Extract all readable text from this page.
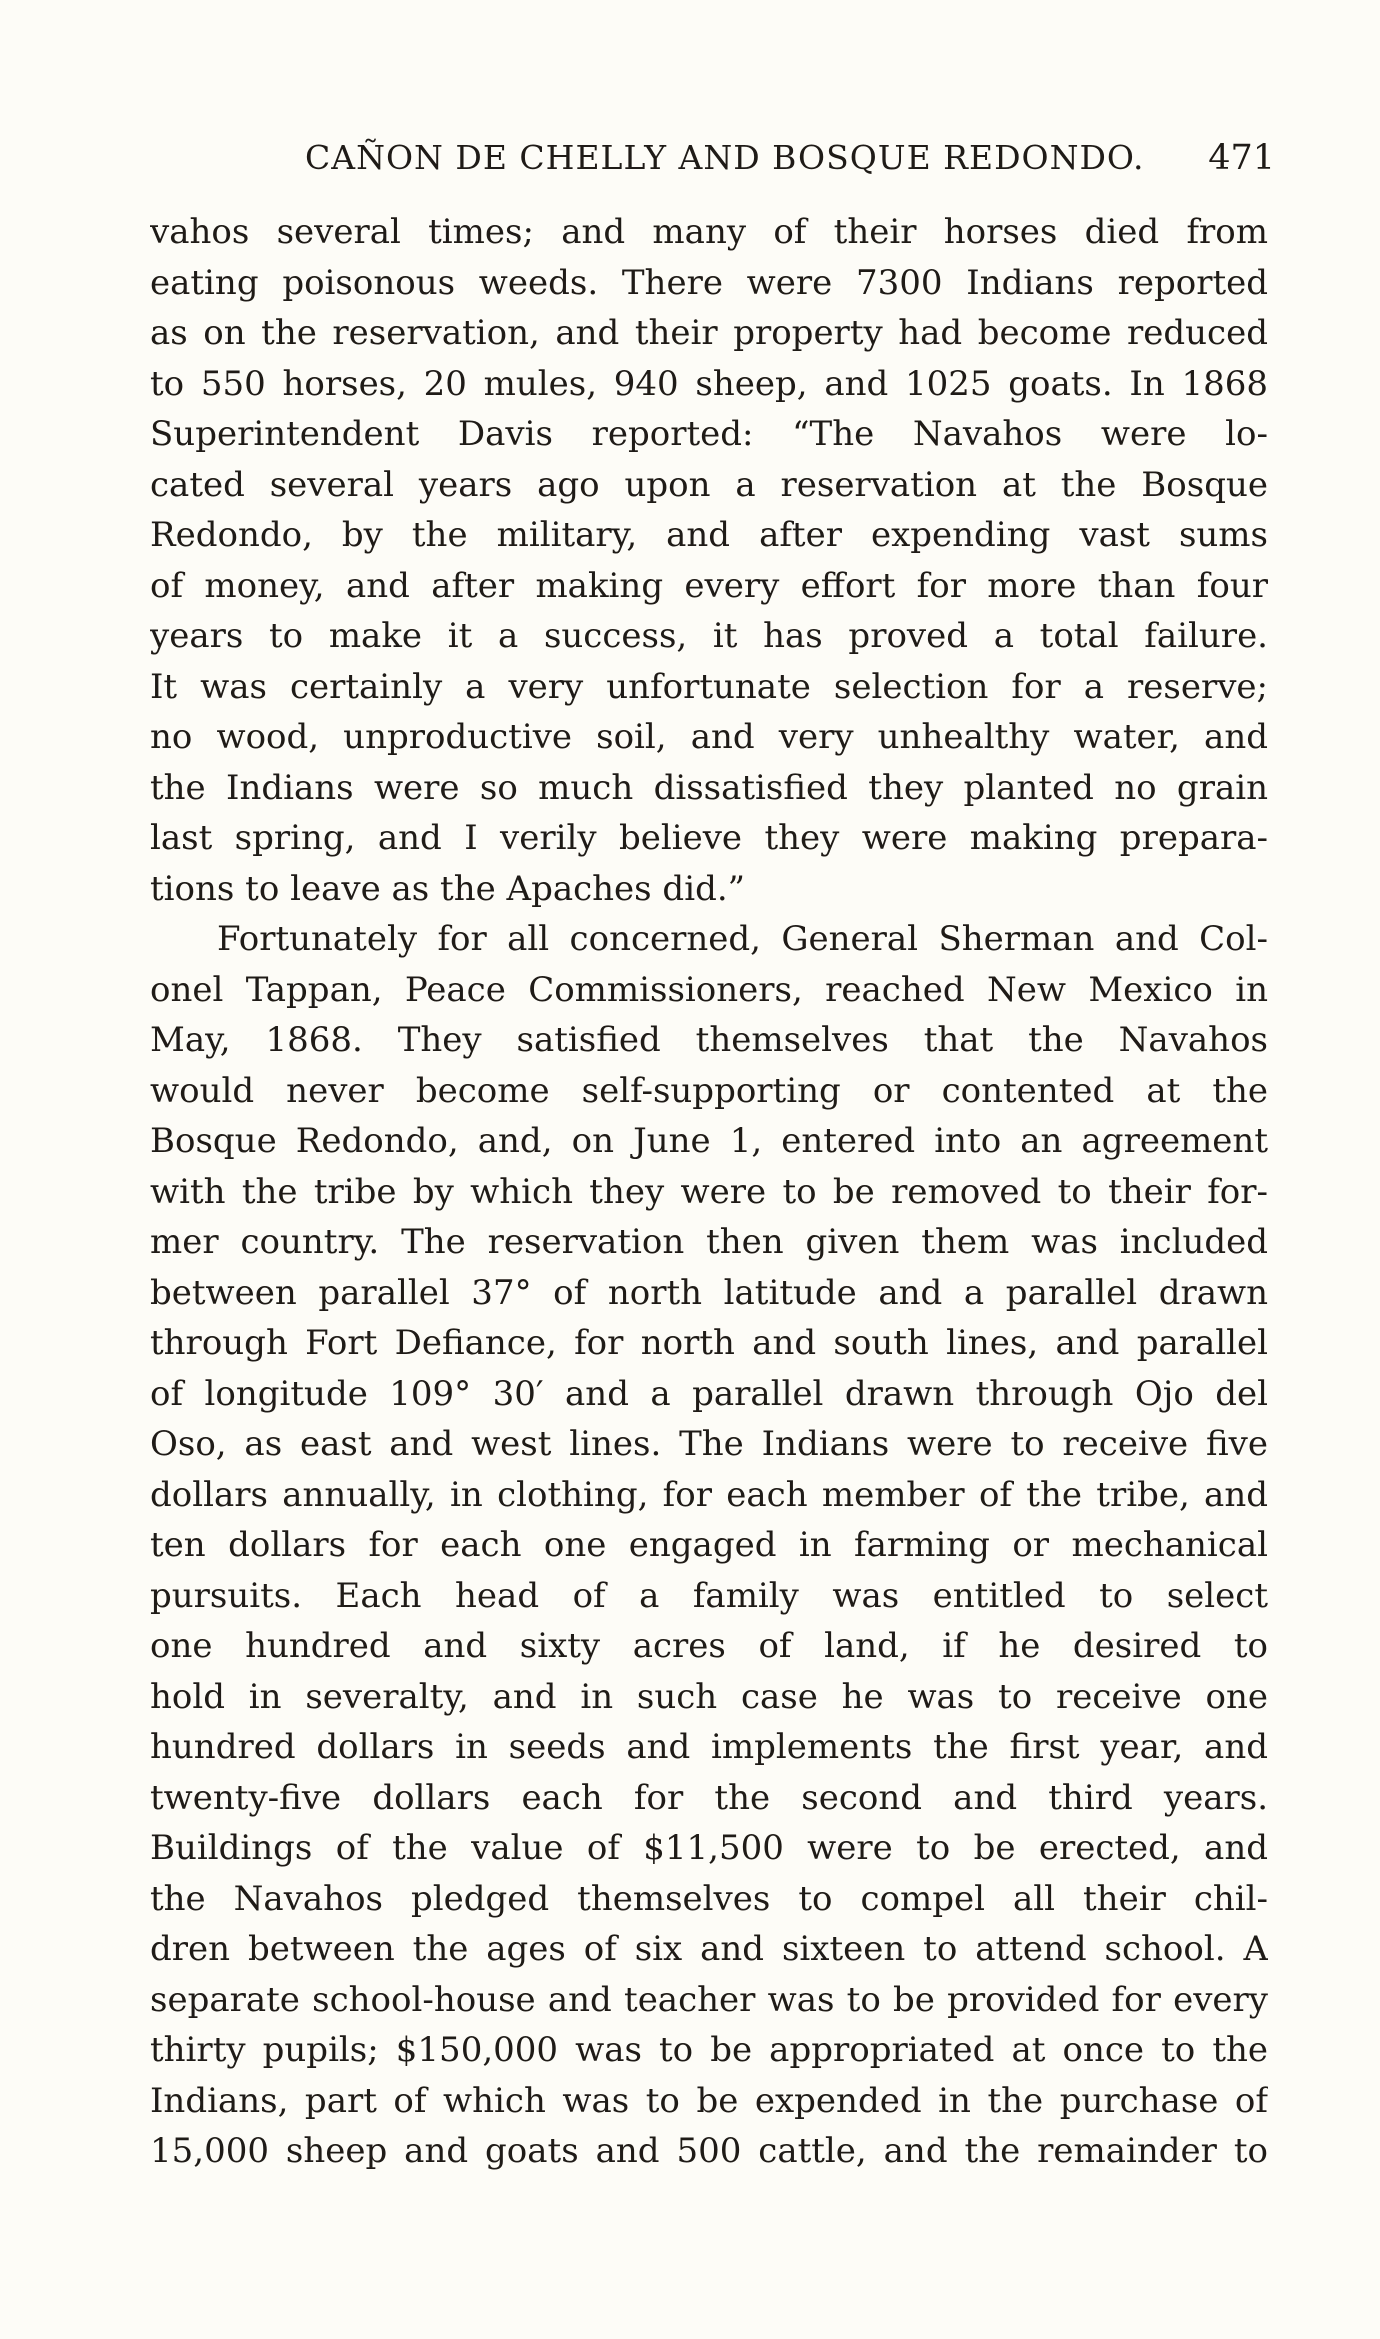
CAÑON DE CHELLY AND BOSQUE REDONDO. 471
vahos several times; and many of their horses died from
eating poisonous weeds. There were 7300 Indians reported
as on the reservation, and their property had become reduced
to 550 horses, 20 mules, 940 sheep, and 1025 goats. In 1868
Superintendent Davis reported: “The Navahos were lo-
cated several years ago upon a reservation at the Bosque
Redondo, by the military, and after expending vast sums
of money, and after making every effort for more than four
years to make it a success, it has proved a total failure.
It was certainly a very unfortunate selection for a reserve;
no wood, unproductive soil, and very unhealthy water, and
the Indians were so much dissatisfied they planted no grain
last spring, and I verily believe they were making prepara-
tions to leave as the Apaches did.”
Fortunately for all concerned, General Sherman and Col-
onel Tappan, Peace Commissioners, reached New Mexico in
May, 1868. They satisfied themselves that the Navahos
would never become self-supporting or contented at the
Bosque Redondo, and, on June 1, entered into an agreement
with the tribe by which they were to be removed to their for-
mer country. The reservation then given them was included
between parallel 37° of north latitude and a parallel drawn
through Fort Defiance, for north and south lines, and parallel
of longitude 109° 30′ and a parallel drawn through Ojo del
Oso, as east and west lines. The Indians were to receive five
dollars annually, in clothing, for each member of the tribe, and
ten dollars for each one engaged in farming or mechanical
pursuits. Each head of a family was entitled to select
one hundred and sixty acres of land, if he desired to
hold in severalty, and in such case he was to receive one
hundred dollars in seeds and implements the first year, and
twenty-five dollars each for the second and third years.
Buildings of the value of $11,500 were to be erected, and
the Navahos pledged themselves to compel all their chil-
dren between the ages of six and sixteen to attend school. A
separate school-house and teacher was to be provided for every
thirty pupils; $150,000 was to be appropriated at once to the
Indians, part of which was to be expended in the purchase of
15,000 sheep and goats and 500 cattle, and the remainder to
